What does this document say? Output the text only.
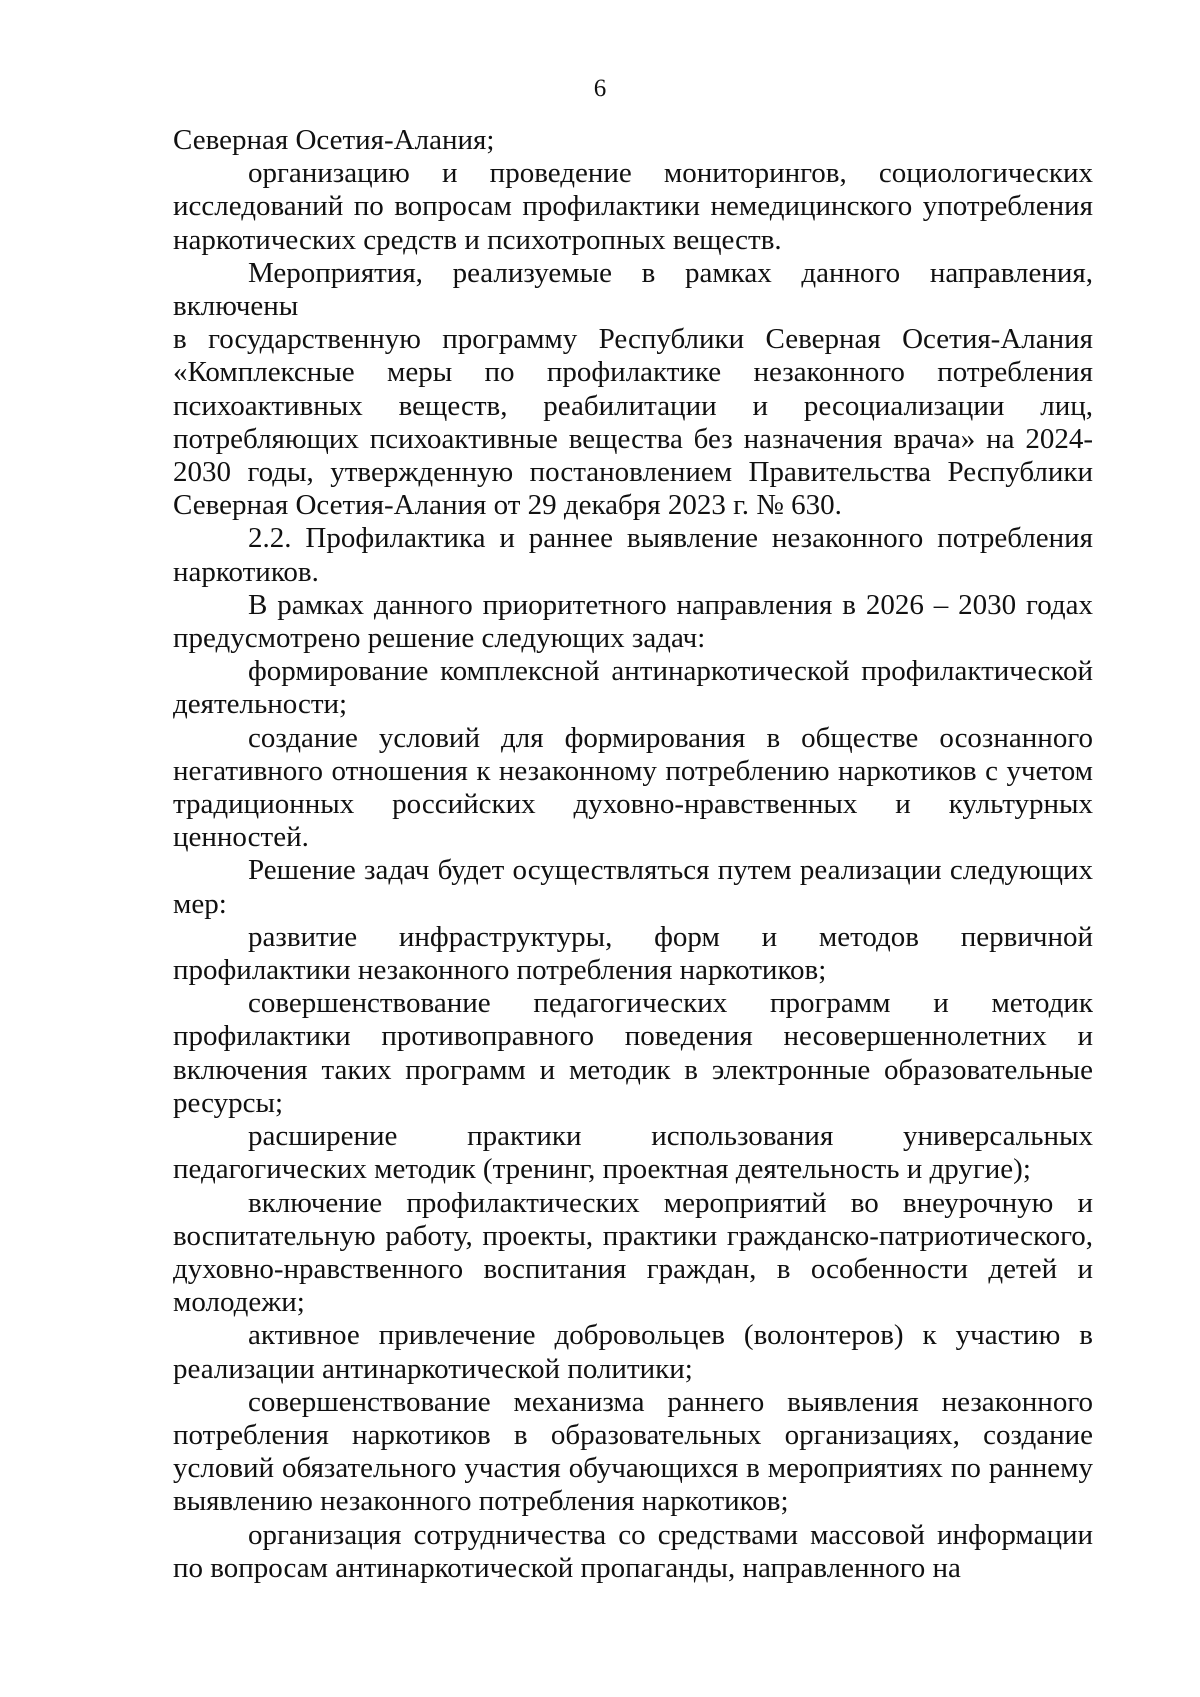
6

Северная Осетия-Алания;

организацию и проведение мониторингов, социологических исследований по вопросам профилактики немедицинского употребления наркотических средств и психотропных веществ.

Мероприятия, реализуемые в рамках данного направления, включены

в государственную программу Республики Северная Осетия-Алания «Комплексные меры по профилактике незаконного потребления психоактивных веществ, реабилитации и ресоциализации лиц, потребляющих психоактивные вещества без назначения врача» на 2024-2030 годы, утвержденную постановлением Правительства Республики Северная Осетия-Алания от 29 декабря 2023 г. № 630.

2.2. Профилактика и раннее выявление незаконного потребления наркотиков.

В рамках данного приоритетного направления в 2026 – 2030 годах предусмотрено решение следующих задач:

формирование комплексной антинаркотической профилактической деятельности;

создание условий для формирования в обществе осознанного негативного отношения к незаконному потреблению наркотиков с учетом традиционных российских духовно-нравственных и культурных ценностей.

Решение задач будет осуществляться путем реализации следующих мер:

развитие инфраструктуры, форм и методов первичной профилактики незаконного потребления наркотиков;

совершенствование педагогических программ и методик профилактики противоправного поведения несовершеннолетних и включения таких программ и методик в электронные образовательные ресурсы;

расширение практики использования универсальных педагогических методик (тренинг, проектная деятельность и другие);

включение профилактических мероприятий во внеурочную и воспитательную работу, проекты, практики гражданско-патриотического, духовно-нравственного воспитания граждан, в особенности детей и молодежи;

активное привлечение добровольцев (волонтеров) к участию в реализации антинаркотической политики;

совершенствование механизма раннего выявления незаконного потребления наркотиков в образовательных организациях, создание условий обязательного участия обучающихся в мероприятиях по раннему выявлению незаконного потребления наркотиков;

организация сотрудничества со средствами массовой информации по вопросам антинаркотической пропаганды, направленного на
